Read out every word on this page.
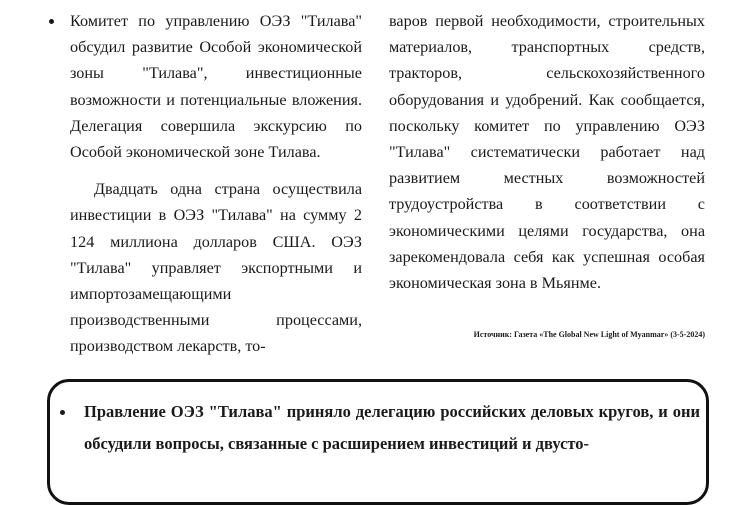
Комитет по управлению ОЭЗ "Тилава" обсудил развитие Особой экономической зоны "Тилава", инвестиционные возможности и потенциальные вложения. Делегация совершила экскурсию по Особой экономической зоне Тилава.

Двадцать одна страна осуществила инвестиции в ОЭЗ "Тилава" на сумму 2 124 миллиона долларов США. ОЭЗ "Тилава" управляет экспортными и импортозамещающими производственными процессами, производством лекарств, то-

варов первой необходимости, строительных материалов, транспортных средств, тракторов, сельскохозяйственного оборудования и удобрений. Как сообщается, поскольку комитет по управлению ОЭЗ "Тилава" систематически работает над развитием местных возможностей трудоустройства в соответствии с экономическими целями государства, она зарекомендовала себя как успешная особая экономическая зона в Мьянме.

Источник: Газета «The Global New Light of Myanmar» (3-5-2024)
Правление ОЭЗ "Тилава" приняло делегацию российских деловых кругов, и они обсудили вопросы, связанные с расширением инвестиций и двусто-
